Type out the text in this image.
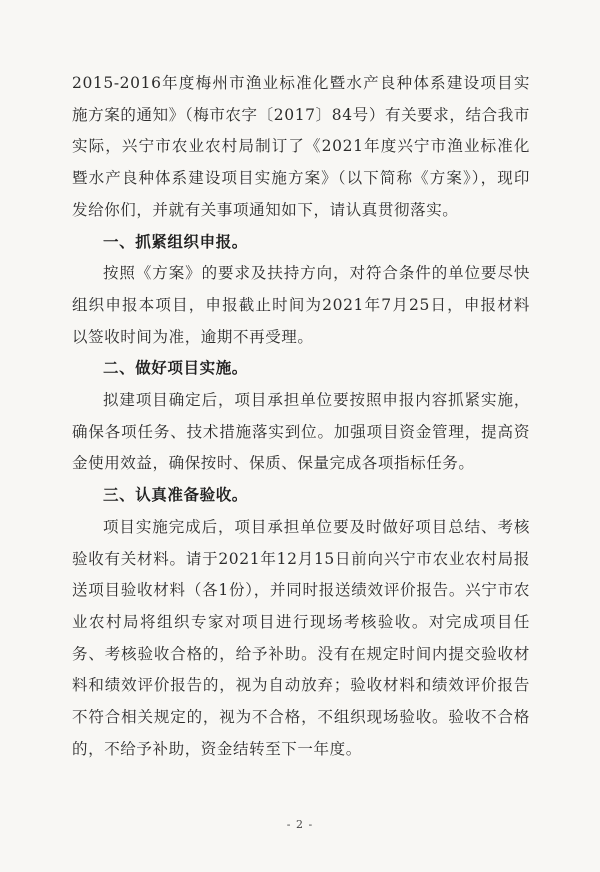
2015-2016年度梅州市渔业标准化暨水产良种体系建设项目实施方案的通知》（梅市农字〔2017〕84号）有关要求，结合我市实际，兴宁市农业农村局制订了《2021年度兴宁市渔业标准化暨水产良种体系建设项目实施方案》（以下简称《方案》），现印发给你们，并就有关事项通知如下，请认真贯彻落实。

一、抓紧组织申报。

按照《方案》的要求及扶持方向，对符合条件的单位要尽快组织申报本项目，申报截止时间为2021年7月25日，申报材料以签收时间为准，逾期不再受理。

二、做好项目实施。

拟建项目确定后，项目承担单位要按照申报内容抓紧实施，确保各项任务、技术措施落实到位。加强项目资金管理，提高资金使用效益，确保按时、保质、保量完成各项指标任务。

三、认真准备验收。

项目实施完成后，项目承担单位要及时做好项目总结、考核验收有关材料。请于2021年12月15日前向兴宁市农业农村局报送项目验收材料（各1份），并同时报送绩效评价报告。兴宁市农业农村局将组织专家对项目进行现场考核验收。对完成项目任务、考核验收合格的，给予补助。没有在规定时间内提交验收材料和绩效评价报告的，视为自动放弃；验收材料和绩效评价报告不符合相关规定的，视为不合格，不组织现场验收。验收不合格的，不给予补助，资金结转至下一年度。

- 2 -
